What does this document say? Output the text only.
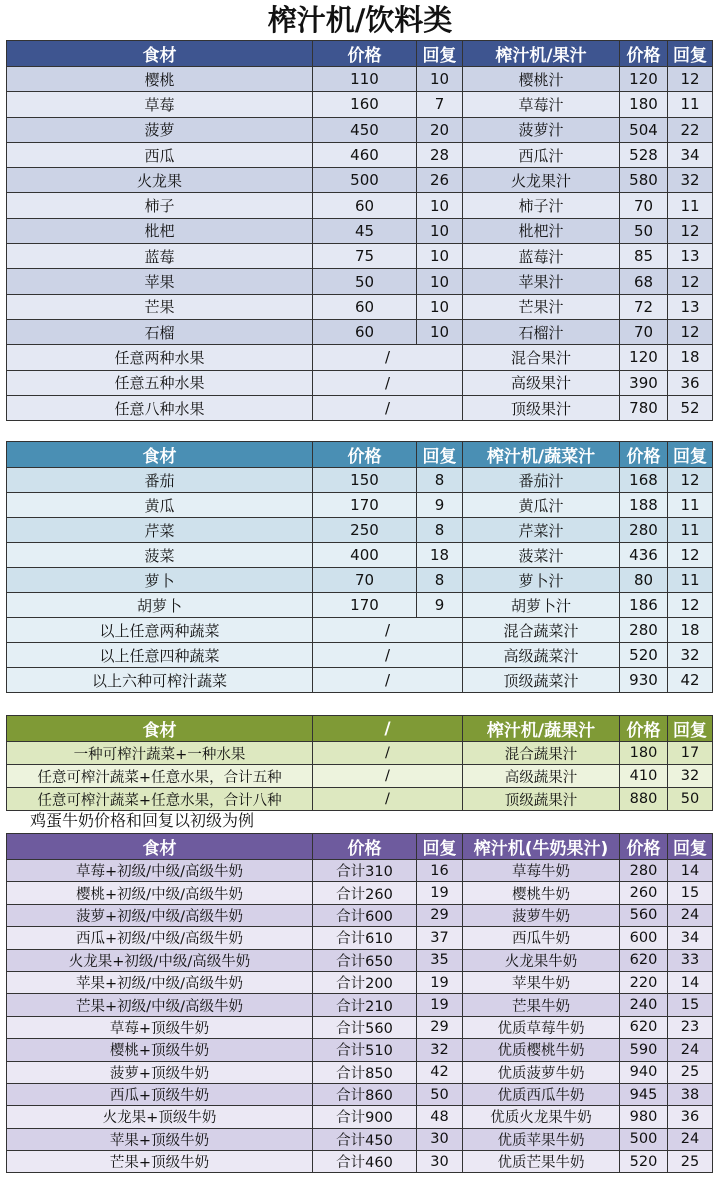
榨汁机/饮料类
食材	价格	回复	榨汁机/果汁	价格	回复
樱桃	110	10	樱桃汁	120	12
草莓	160	7	草莓汁	180	11
菠萝	450	20	菠萝汁	504	22
西瓜	460	28	西瓜汁	528	34
火龙果	500	26	火龙果汁	580	32
柿子	60	10	柿子汁	70	11
枇杷	45	10	枇杷汁	50	12
蓝莓	75	10	蓝莓汁	85	13
苹果	50	10	苹果汁	68	12
芒果	60	10	芒果汁	72	13
石榴	60	10	石榴汁	70	12
任意两种水果	/		混合果汁	120	18
任意五种水果	/		高级果汁	390	36
任意八种水果	/		顶级果汁	780	52
食材	价格	回复	榨汁机/蔬菜汁	价格	回复
番茄	150	8	番茄汁	168	12
黄瓜	170	9	黄瓜汁	188	11
芹菜	250	8	芹菜汁	280	11
菠菜	400	18	菠菜汁	436	12
萝卜	70	8	萝卜汁	80	11
胡萝卜	170	9	胡萝卜汁	186	12
以上任意两种蔬菜	/		混合蔬菜汁	280	18
以上任意四种蔬菜	/		高级蔬菜汁	520	32
以上六种可榨汁蔬菜	/		顶级蔬菜汁	930	42
食材	/	榨汁机/蔬果汁	价格	回复
一种可榨汁蔬菜+一种水果	/	混合蔬果汁	180	17
任意可榨汁蔬菜+任意水果，合计五种	/	高级蔬果汁	410	32
任意可榨汁蔬菜+任意水果，合计八种	/	顶级蔬果汁	880	50
鸡蛋牛奶价格和回复以初级为例
食材	价格	回复	榨汁机(牛奶果汁)	价格	回复
草莓+初级/中级/高级牛奶	合计310	16	草莓牛奶	280	14
樱桃+初级/中级/高级牛奶	合计260	19	樱桃牛奶	260	15
菠萝+初级/中级/高级牛奶	合计600	29	菠萝牛奶	560	24
西瓜+初级/中级/高级牛奶	合计610	37	西瓜牛奶	600	34
火龙果+初级/中级/高级牛奶	合计650	35	火龙果牛奶	620	33
苹果+初级/中级/高级牛奶	合计200	19	苹果牛奶	220	14
芒果+初级/中级/高级牛奶	合计210	19	芒果牛奶	240	15
草莓+顶级牛奶	合计560	29	优质草莓牛奶	620	23
樱桃+顶级牛奶	合计510	32	优质樱桃牛奶	590	24
菠萝+顶级牛奶	合计850	42	优质菠萝牛奶	940	25
西瓜+顶级牛奶	合计860	50	优质西瓜牛奶	945	38
火龙果+顶级牛奶	合计900	48	优质火龙果牛奶	980	36
苹果+顶级牛奶	合计450	30	优质苹果牛奶	500	24
芒果+顶级牛奶	合计460	30	优质芒果牛奶	520	25
